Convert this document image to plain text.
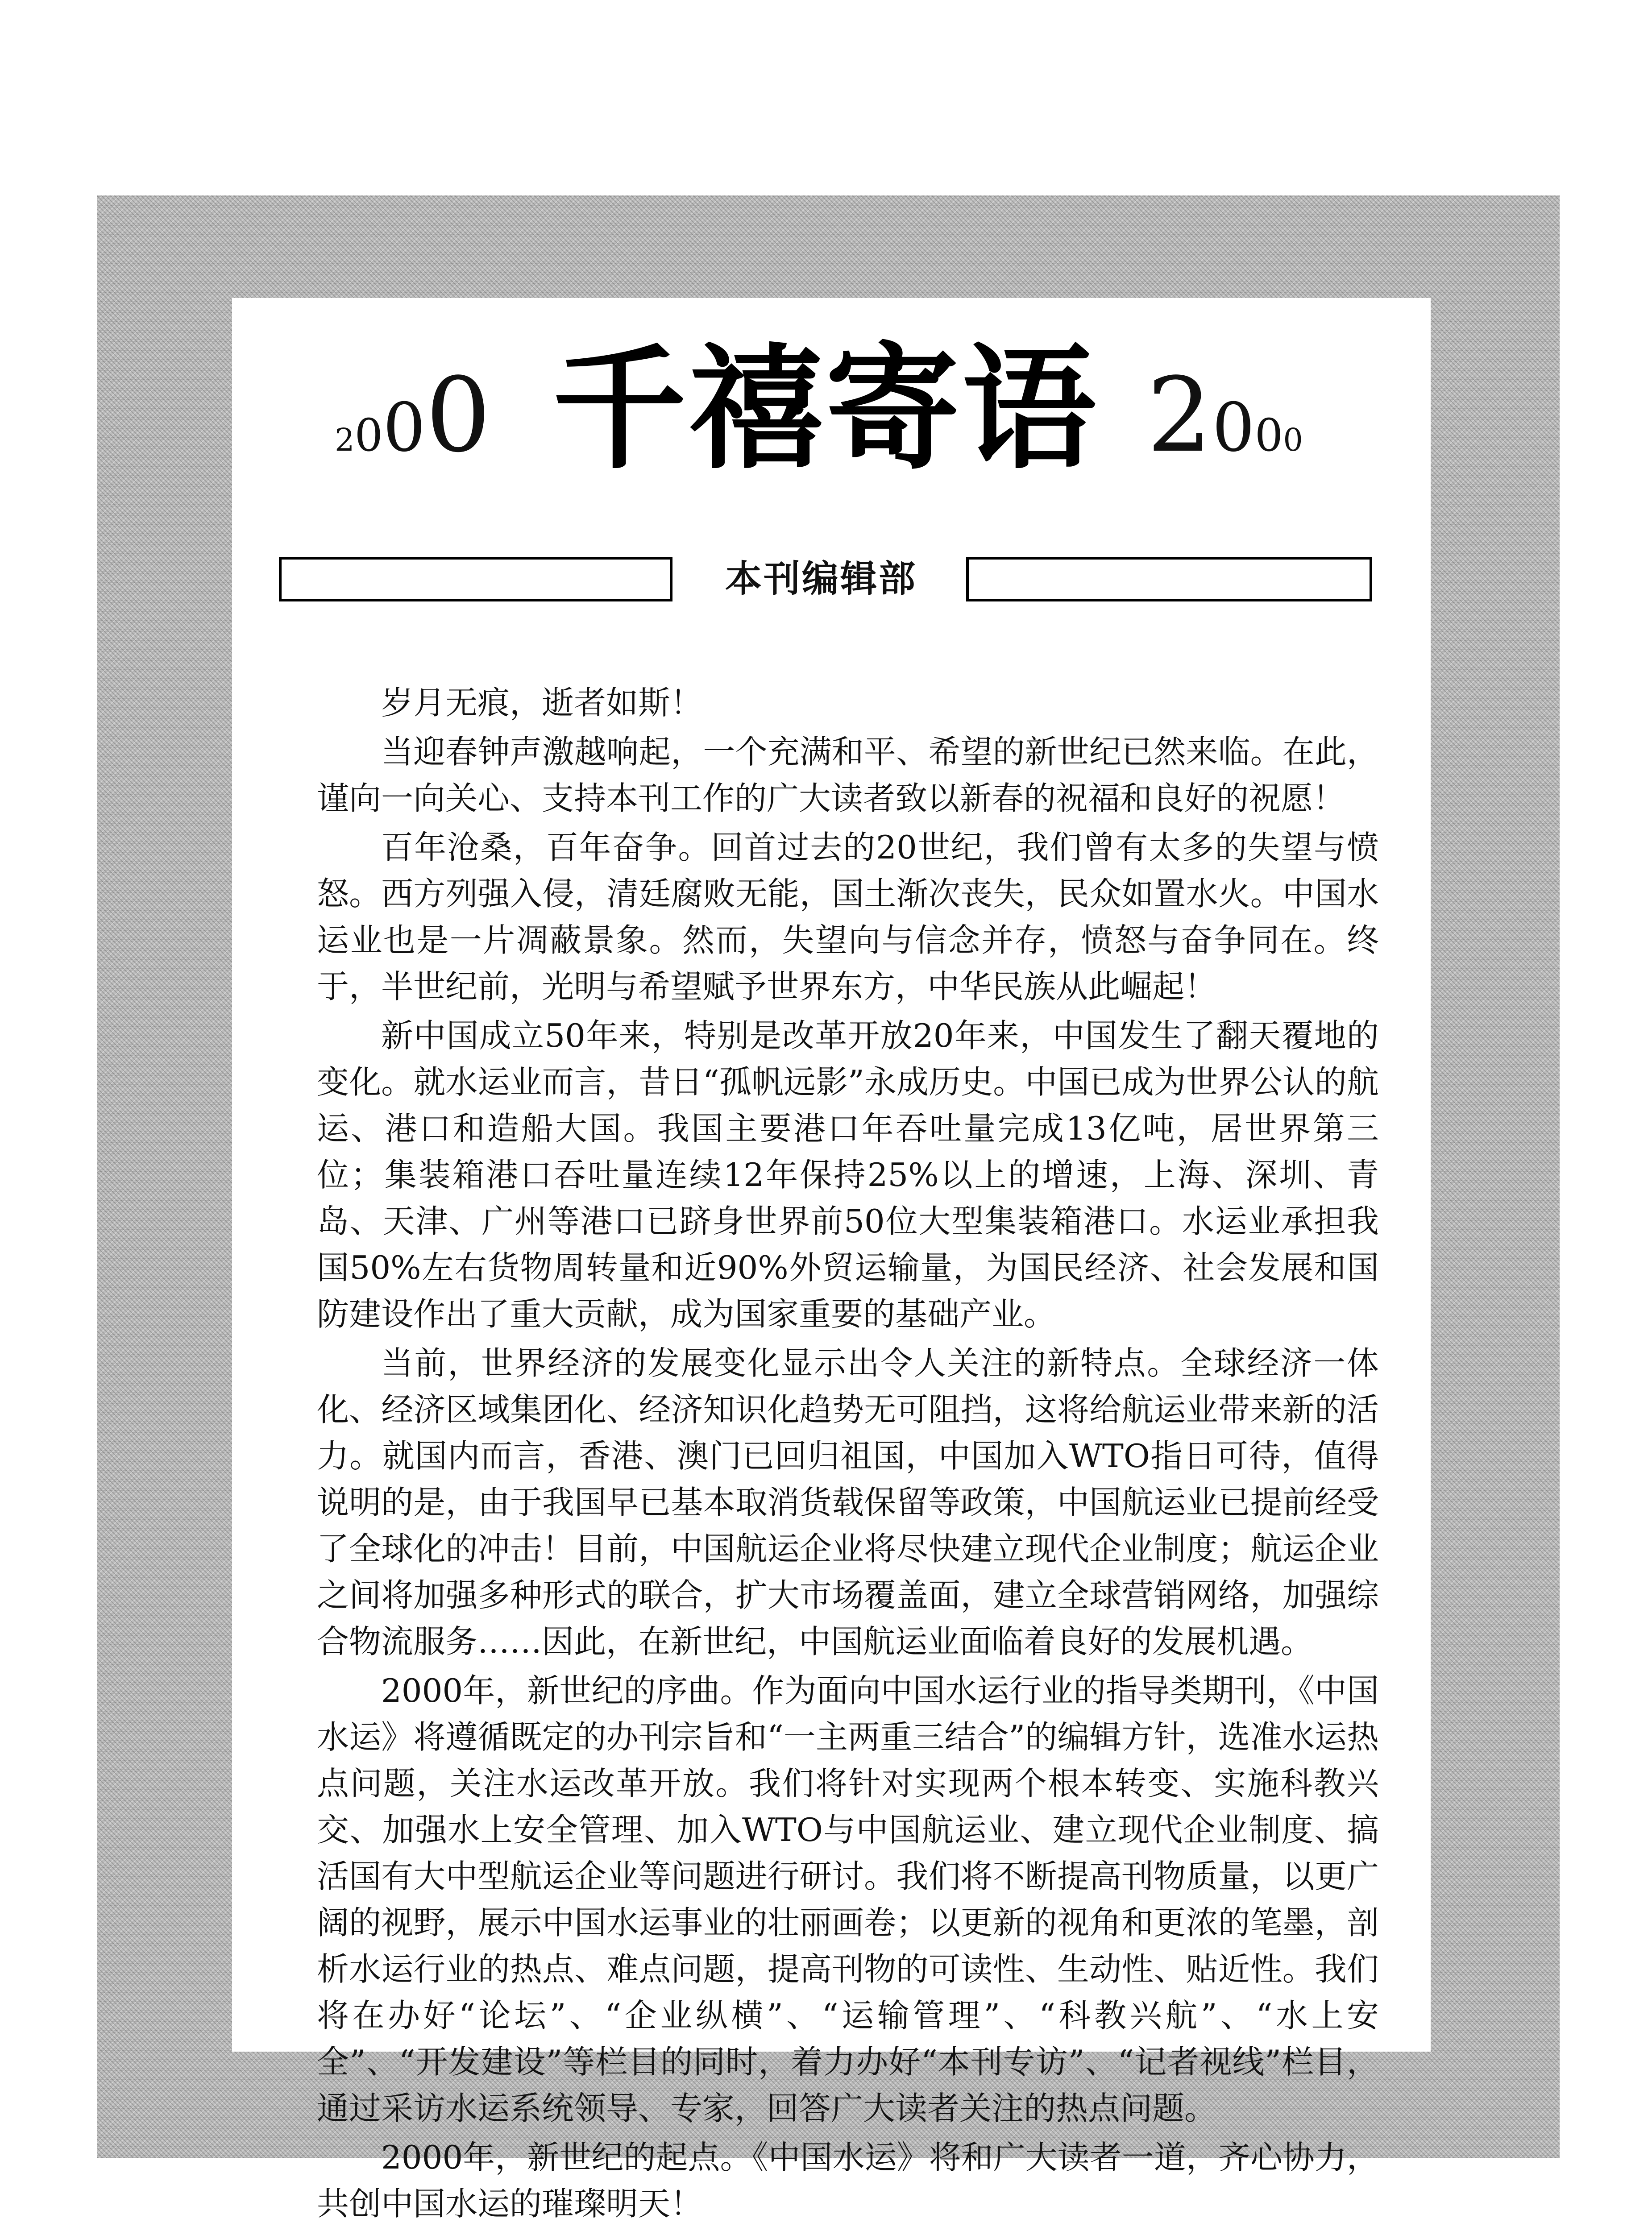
2000 千禧寄语 2000
本刊编辑部

岁月无痕，逝者如斯！

当迎春钟声激越响起，一个充满和平、希望的新世纪已然来临。在此，谨向一向关心、支持本刊工作的广大读者致以新春的祝福和良好的祝愿！

百年沧桑，百年奋争。回首过去的20世纪，我们曾有太多的失望与愤怒。西方列强入侵，清廷腐败无能，国土渐次丧失，民众如置水火。中国水运业也是一片凋蔽景象。然而，失望向与信念并存，愤怒与奋争同在。终于，半世纪前，光明与希望赋予世界东方，中华民族从此崛起！

新中国成立50年来，特别是改革开放20年来，中国发生了翻天覆地的变化。就水运业而言，昔日“孤帆远影”永成历史。中国已成为世界公认的航运、港口和造船大国。我国主要港口年吞吐量完成13亿吨，居世界第三位；集装箱港口吞吐量连续12年保持25%以上的增速，上海、深圳、青岛、天津、广州等港口已跻身世界前50位大型集装箱港口。水运业承担我国50%左右货物周转量和近90%外贸运输量，为国民经济、社会发展和国防建设作出了重大贡献，成为国家重要的基础产业。

当前，世界经济的发展变化显示出令人关注的新特点。全球经济一体化、经济区域集团化、经济知识化趋势无可阻挡，这将给航运业带来新的活力。就国内而言，香港、澳门已回归祖国，中国加入WTO指日可待，值得说明的是，由于我国早已基本取消货载保留等政策，中国航运业已提前经受了全球化的冲击！目前，中国航运企业将尽快建立现代企业制度；航运企业之间将加强多种形式的联合，扩大市场覆盖面，建立全球营销网络，加强综合物流服务……因此，在新世纪，中国航运业面临着良好的发展机遇。

2000年，新世纪的序曲。作为面向中国水运行业的指导类期刊，《中国水运》将遵循既定的办刊宗旨和“一主两重三结合”的编辑方针，选准水运热点问题，关注水运改革开放。我们将针对实现两个根本转变、实施科教兴交、加强水上安全管理、加入WTO与中国航运业、建立现代企业制度、搞活国有大中型航运企业等问题进行研讨。我们将不断提高刊物质量，以更广阔的视野，展示中国水运事业的壮丽画卷；以更新的视角和更浓的笔墨，剖析水运行业的热点、难点问题，提高刊物的可读性、生动性、贴近性。我们将在办好“论坛”、“企业纵横”、“运输管理”、“科教兴航”、“水上安全”、“开发建设”等栏目的同时，着力办好“本刊专访”、“记者视线”栏目，通过采访水运系统领导、专家，回答广大读者关注的热点问题。

2000年，新世纪的起点。《中国水运》将和广大读者一道，齐心协力，共创中国水运的璀璨明天！
